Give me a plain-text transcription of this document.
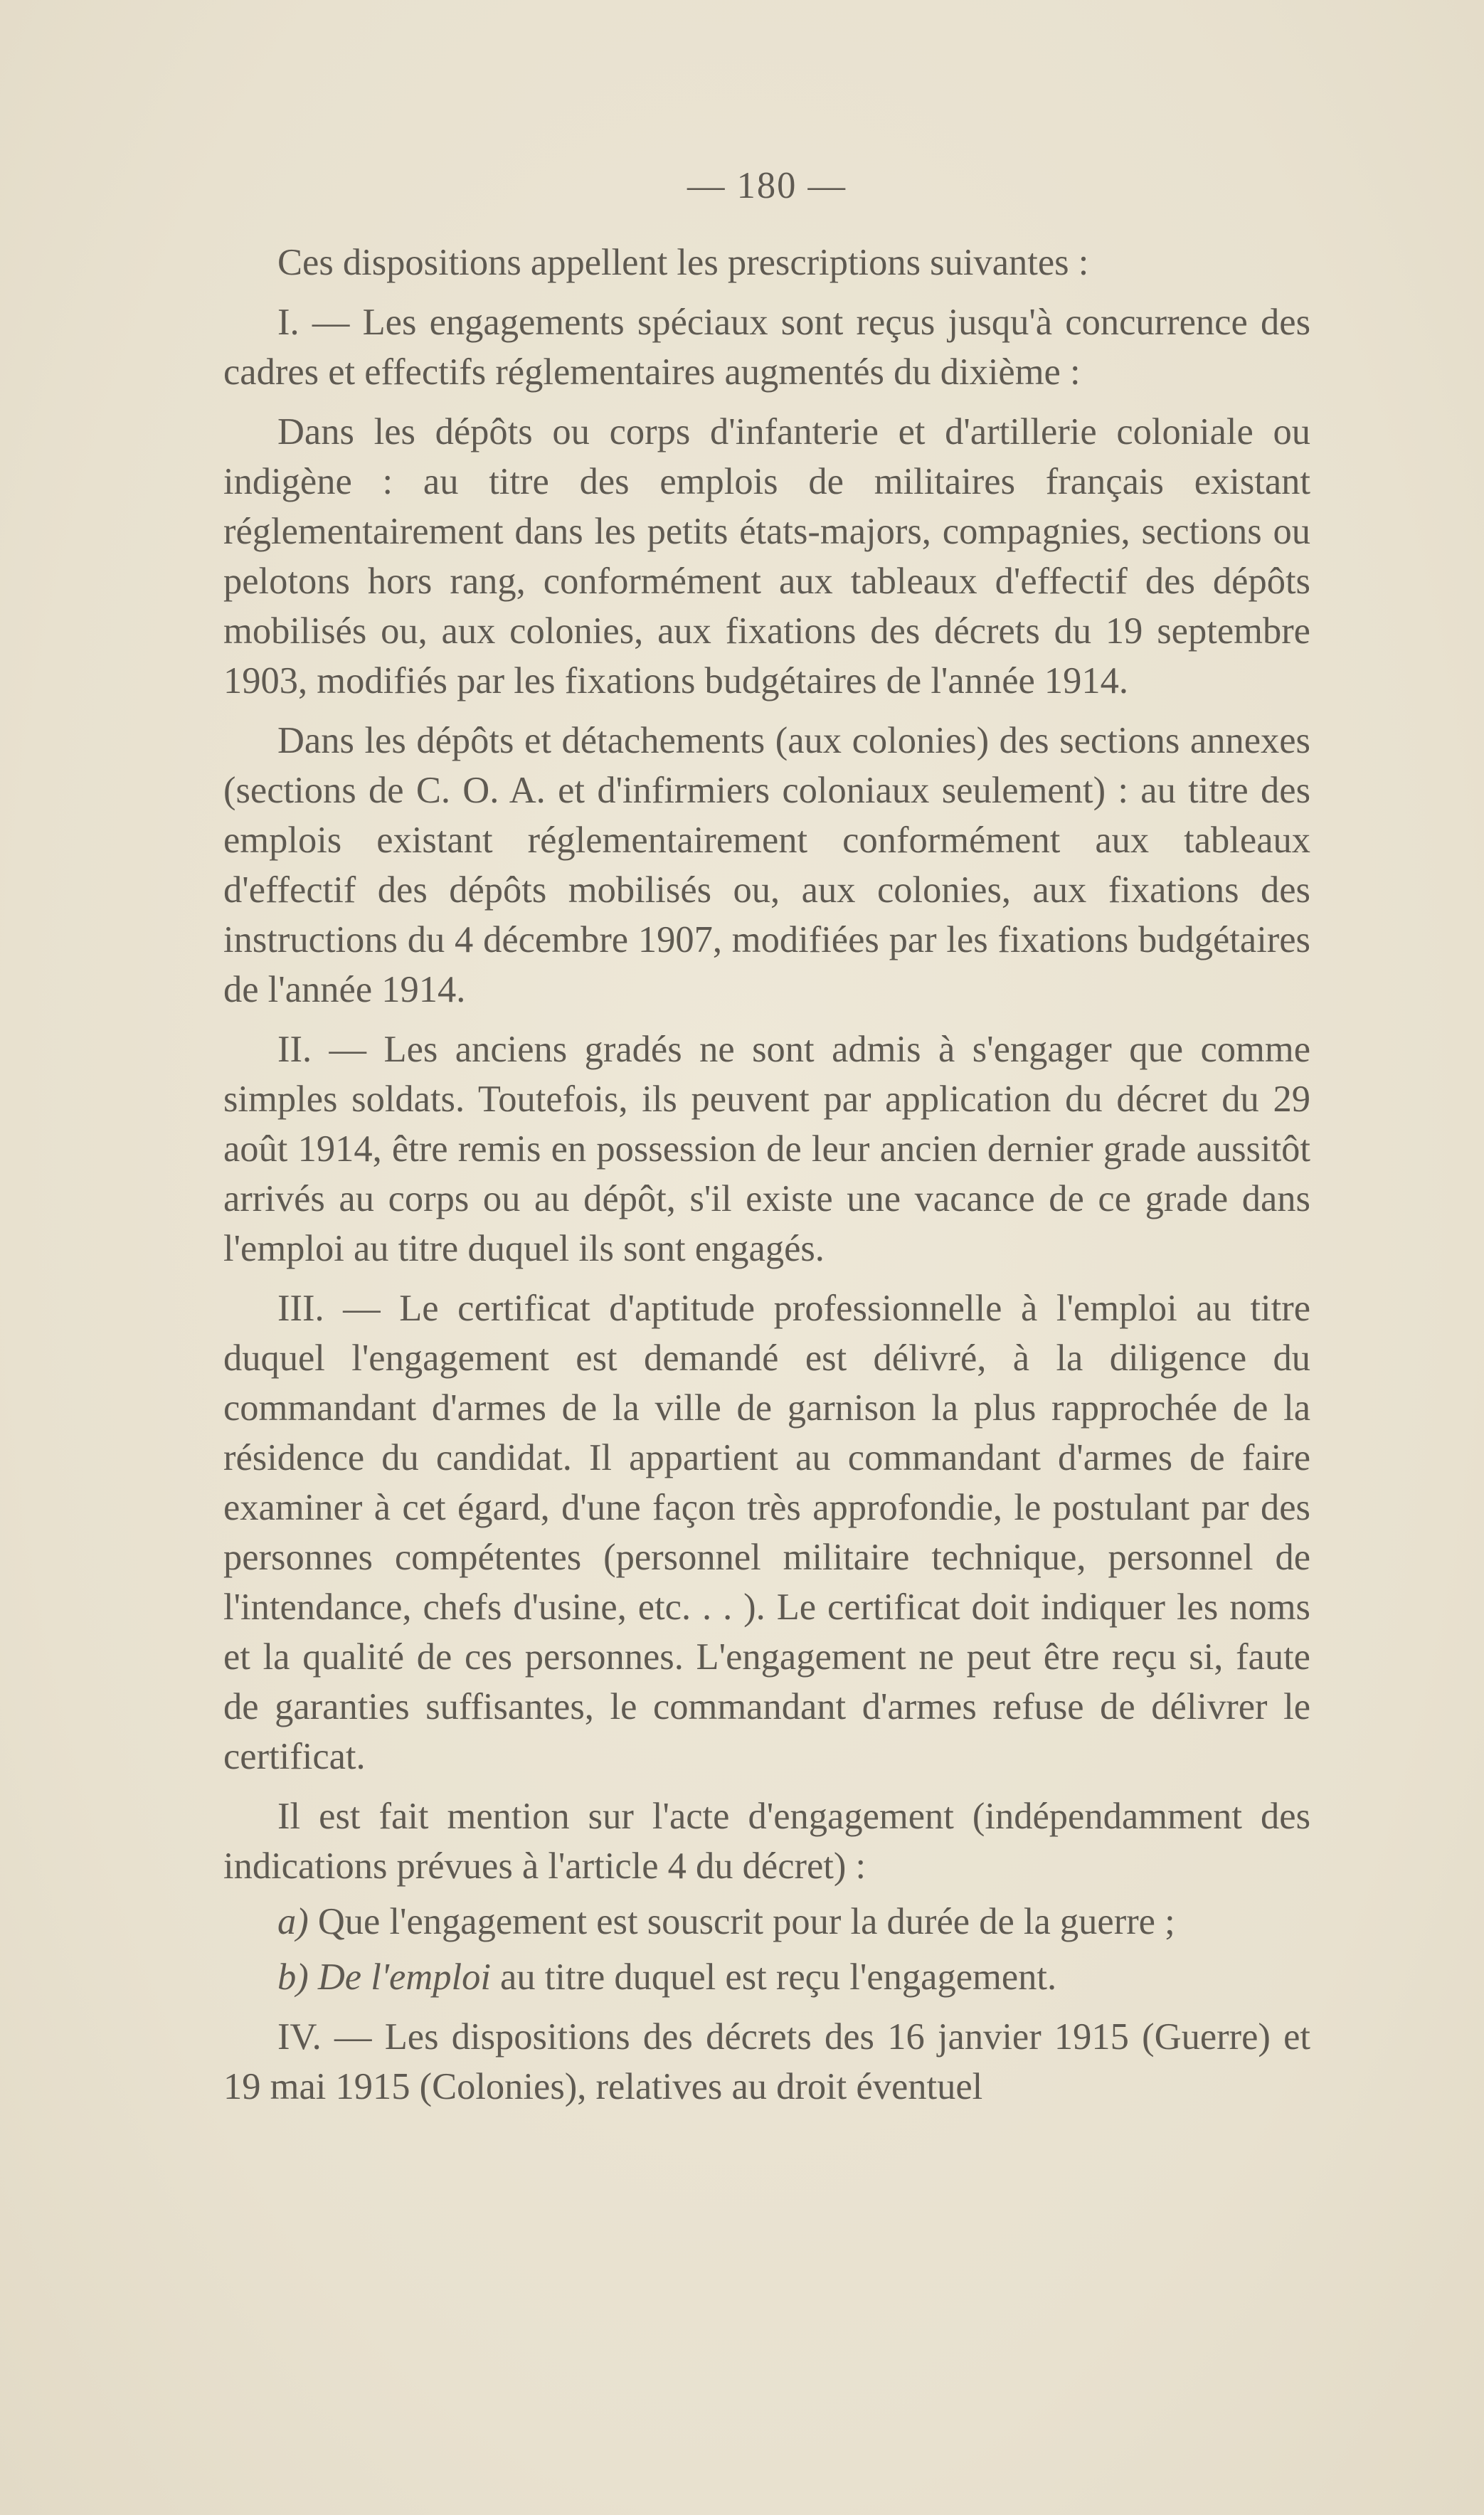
— 180 —

Ces dispositions appellent les prescriptions suivantes :

I. — Les engagements spéciaux sont reçus jusqu'à concurrence des cadres et effectifs réglementaires augmentés du dixième :

Dans les dépôts ou corps d'infanterie et d'artillerie coloniale ou indigène : au titre des emplois de militaires français existant réglementairement dans les petits états-majors, compagnies, sections ou pelotons hors rang, conformément aux tableaux d'effectif des dépôts mobilisés ou, aux colonies, aux fixations des décrets du 19 septembre 1903, modifiés par les fixations budgétaires de l'année 1914.

Dans les dépôts et détachements (aux colonies) des sections annexes (sections de C. O. A. et d'infirmiers coloniaux seulement) : au titre des emplois existant réglementairement conformément aux tableaux d'effectif des dépôts mobilisés ou, aux colonies, aux fixations des instructions du 4 décembre 1907, modifiées par les fixations budgétaires de l'année 1914.

II. — Les anciens gradés ne sont admis à s'engager que comme simples soldats. Toutefois, ils peuvent par application du décret du 29 août 1914, être remis en possession de leur ancien dernier grade aussitôt arrivés au corps ou au dépôt, s'il existe une vacance de ce grade dans l'emploi au titre duquel ils sont engagés.

III. — Le certificat d'aptitude professionnelle à l'emploi au titre duquel l'engagement est demandé est délivré, à la diligence du commandant d'armes de la ville de garnison la plus rapprochée de la résidence du candidat. Il appartient au commandant d'armes de faire examiner à cet égard, d'une façon très approfondie, le postulant par des personnes compétentes (personnel militaire technique, personnel de l'intendance, chefs d'usine, etc. . . ). Le certificat doit indiquer les noms et la qualité de ces personnes. L'engagement ne peut être reçu si, faute de garanties suffisantes, le commandant d'armes refuse de délivrer le certificat.

Il est fait mention sur l'acte d'engagement (indépendamment des indications prévues à l'article 4 du décret) :

a) Que l'engagement est souscrit pour la durée de la guerre ;

b) De l'emploi au titre duquel est reçu l'engagement.

IV. — Les dispositions des décrets des 16 janvier 1915 (Guerre) et 19 mai 1915 (Colonies), relatives au droit éventuel
